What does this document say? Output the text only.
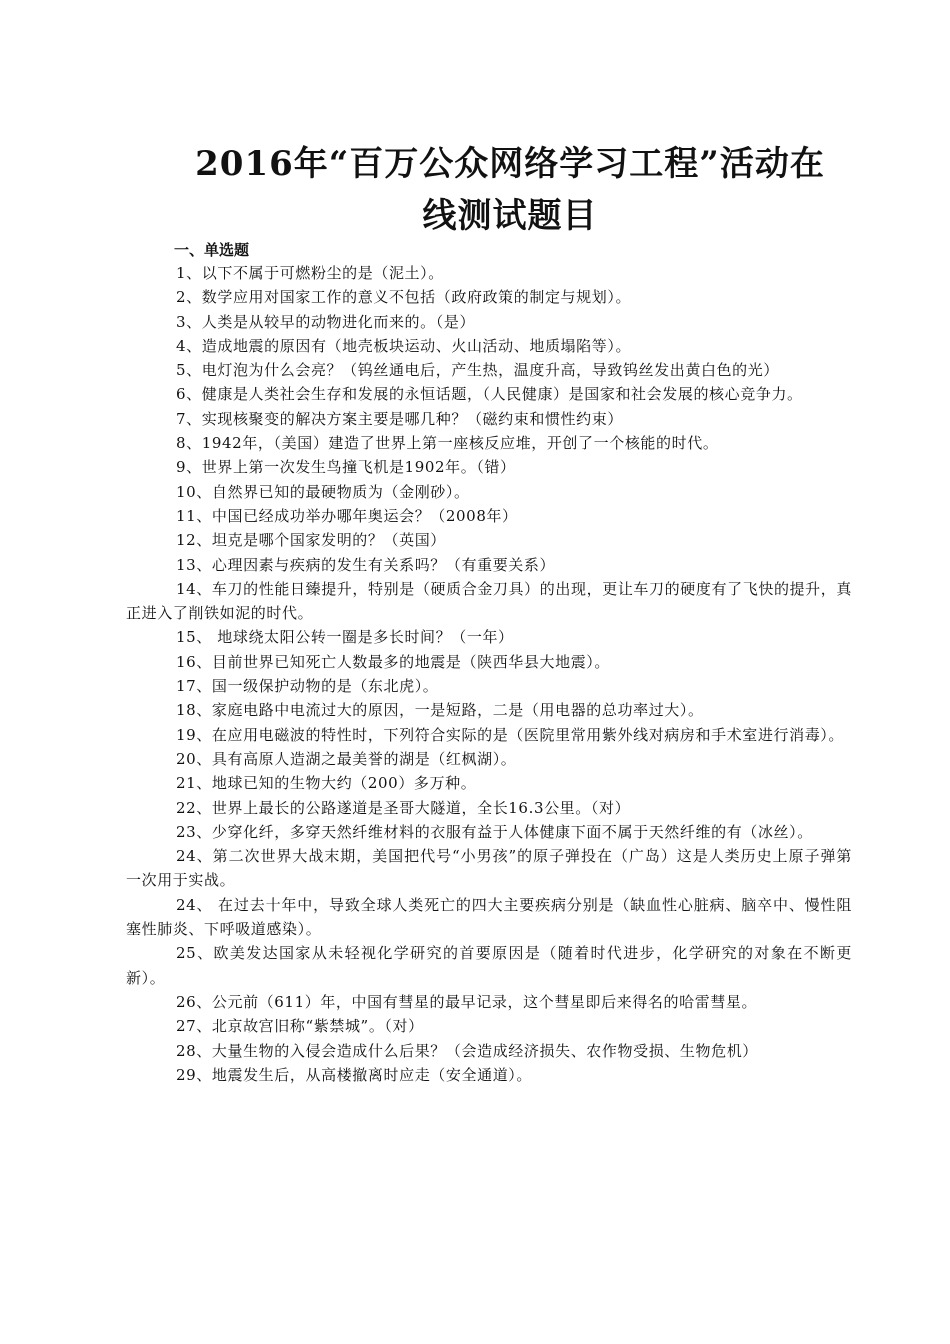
2016年“百万公众网络学习工程”活动在
线测试题目
一、单选题
1、以下不属于可燃粉尘的是（泥土）。
2、数学应用对国家工作的意义不包括（政府政策的制定与规划）。
3、人类是从较早的动物进化而来的。（是）
4、造成地震的原因有（地壳板块运动、火山活动、地质塌陷等）。
5、电灯泡为什么会亮？（钨丝通电后，产生热，温度升高，导致钨丝发出黄白色的光）
6、健康是人类社会生存和发展的永恒话题，（人民健康）是国家和社会发展的核心竞争力。
7、实现核聚变的解决方案主要是哪几种？（磁约束和惯性约束）
8、1942年，（美国）建造了世界上第一座核反应堆，开创了一个核能的时代。
9、世界上第一次发生鸟撞飞机是1902年。（错）
10、自然界已知的最硬物质为（金刚砂）。
11、中国已经成功举办哪年奥运会？（2008年）
12、坦克是哪个国家发明的？（英国）
13、心理因素与疾病的发生有关系吗？（有重要关系）
14、车刀的性能日臻提升，特别是（硬质合金刀具）的出现，更让车刀的硬度有了飞快的提升，真正进入了削铁如泥的时代。
15、 地球绕太阳公转一圈是多长时间？（一年）
16、目前世界已知死亡人数最多的地震是（陕西华县大地震）。
17、国一级保护动物的是（东北虎）。
18、家庭电路中电流过大的原因，一是短路，二是（用电器的总功率过大）。
19、在应用电磁波的特性时，下列符合实际的是（医院里常用紫外线对病房和手术室进行消毒）。
20、具有高原人造湖之最美誉的湖是（红枫湖）。
21、地球已知的生物大约（200）多万种。
22、世界上最长的公路遂道是圣哥大隧道，全长16.3公里。（对）
23、少穿化纤，多穿天然纤维材料的衣服有益于人体健康下面不属于天然纤维的有（冰丝）。
24、第二次世界大战末期，美国把代号“小男孩”的原子弹投在（广岛）这是人类历史上原子弹第一次用于实战。
24、 在过去十年中，导致全球人类死亡的四大主要疾病分别是（缺血性心脏病、脑卒中、慢性阻塞性肺炎、下呼吸道感染）。
25、欧美发达国家从未轻视化学研究的首要原因是（随着时代进步，化学研究的对象在不断更新）。
26、公元前（611）年，中国有彗星的最早记录，这个彗星即后来得名的哈雷彗星。
27、北京故宫旧称“紫禁城”。（对）
28、大量生物的入侵会造成什么后果？（会造成经济损失、农作物受损、生物危机）
29、地震发生后，从高楼撤离时应走（安全通道）。
